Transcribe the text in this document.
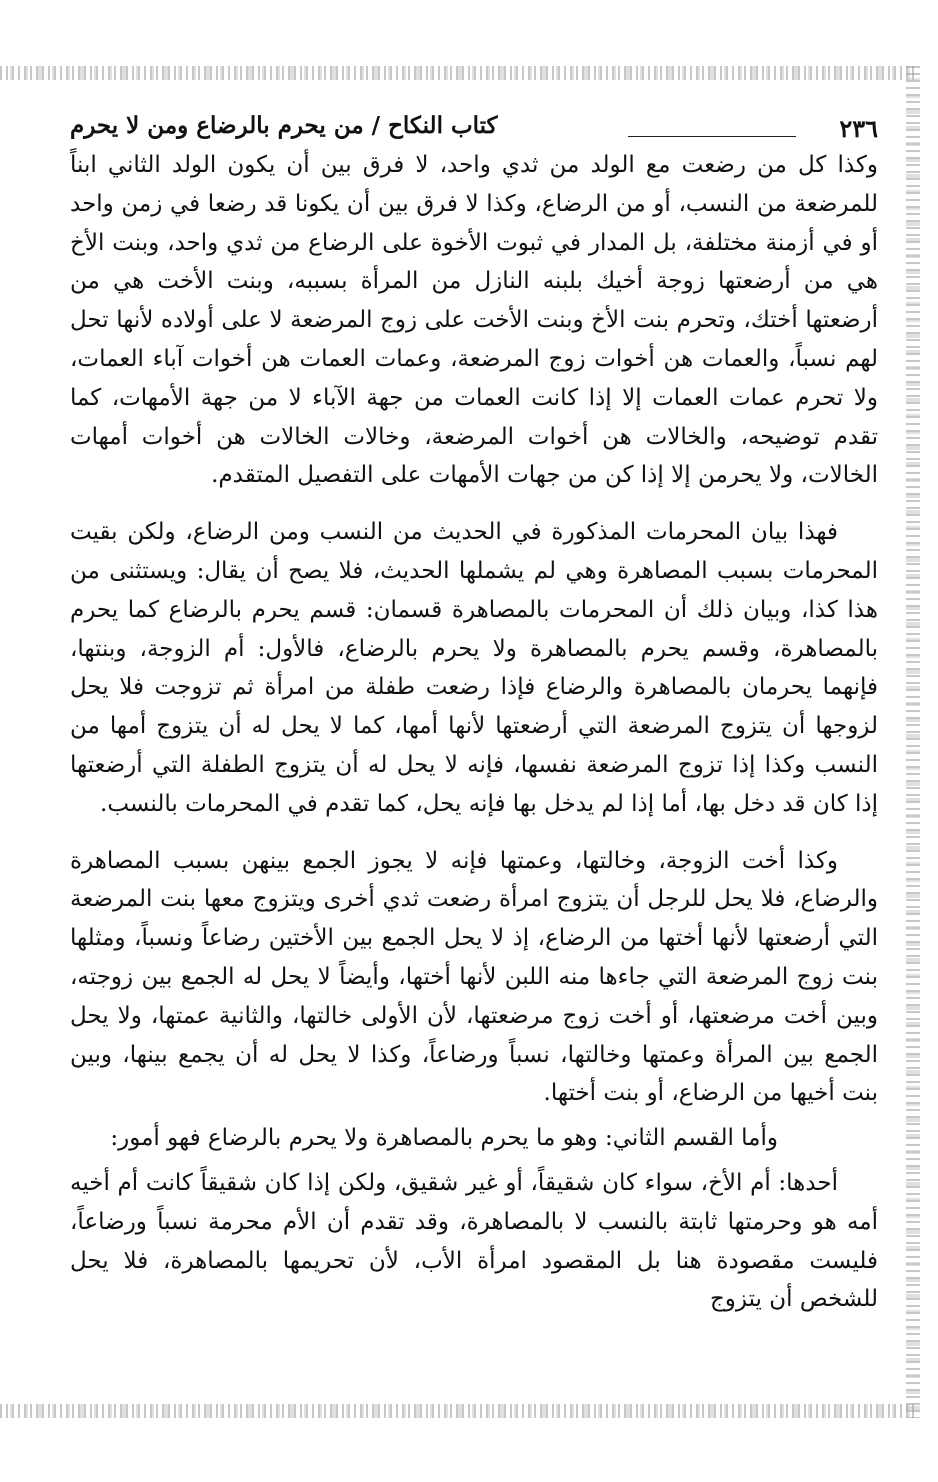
٢٣٦
كتاب النكاح / من يحرم بالرضاع ومن لا يحرم

وكذا كل من رضعت مع الولد من ثدي واحد، لا فرق بين أن يكون الولد الثاني ابناً للمرضعة من النسب، أو من الرضاع، وكذا لا فرق بين أن يكونا قد رضعا في زمن واحد أو في أزمنة مختلفة، بل المدار في ثبوت الأخوة على الرضاع من ثدي واحد، وبنت الأخ هي من أرضعتها زوجة أخيك بلبنه النازل من المرأة بسببه، وبنت الأخت هي من أرضعتها أختك، وتحرم بنت الأخ وبنت الأخت على زوج المرضعة لا على أولاده لأنها تحل لهم نسباً، والعمات هن أخوات زوج المرضعة، وعمات العمات هن أخوات آباء العمات، ولا تحرم عمات العمات إلا إذا كانت العمات من جهة الآباء لا من جهة الأمهات، كما تقدم توضيحه، والخالات هن أخوات المرضعة، وخالات الخالات هن أخوات أمهات الخالات، ولا يحرمن إلا إذا كن من جهات الأمهات على التفصيل المتقدم.

فهذا بيان المحرمات المذكورة في الحديث من النسب ومن الرضاع، ولكن بقيت المحرمات بسبب المصاهرة وهي لم يشملها الحديث، فلا يصح أن يقال: ويستثنى من هذا كذا، وبيان ذلك أن المحرمات بالمصاهرة قسمان: قسم يحرم بالرضاع كما يحرم بالمصاهرة، وقسم يحرم بالمصاهرة ولا يحرم بالرضاع، فالأول: أم الزوجة، وبنتها، فإنهما يحرمان بالمصاهرة والرضاع فإذا رضعت طفلة من امرأة ثم تزوجت فلا يحل لزوجها أن يتزوج المرضعة التي أرضعتها لأنها أمها، كما لا يحل له أن يتزوج أمها من النسب وكذا إذا تزوج المرضعة نفسها، فإنه لا يحل له أن يتزوج الطفلة التي أرضعتها إذا كان قد دخل بها، أما إذا لم يدخل بها فإنه يحل، كما تقدم في المحرمات بالنسب.

وكذا أخت الزوجة، وخالتها، وعمتها فإنه لا يجوز الجمع بينهن بسبب المصاهرة والرضاع، فلا يحل للرجل أن يتزوج امرأة رضعت ثدي أخرى ويتزوج معها بنت المرضعة التي أرضعتها لأنها أختها من الرضاع، إذ لا يحل الجمع بين الأختين رضاعاً ونسباً، ومثلها بنت زوج المرضعة التي جاءها منه اللبن لأنها أختها، وأيضاً لا يحل له الجمع بين زوجته، وبين أخت مرضعتها، أو أخت زوج مرضعتها، لأن الأولى خالتها، والثانية عمتها، ولا يحل الجمع بين المرأة وعمتها وخالتها، نسباً ورضاعاً، وكذا لا يحل له أن يجمع بينها، وبين بنت أخيها من الرضاع، أو بنت أختها.

وأما القسم الثاني: وهو ما يحرم بالمصاهرة ولا يحرم بالرضاع فهو أمور:

أحدها: أم الأخ، سواء كان شقيقاً، أو غير شقيق، ولكن إذا كان شقيقاً كانت أم أخيه أمه هو وحرمتها ثابتة بالنسب لا بالمصاهرة، وقد تقدم أن الأم محرمة نسباً ورضاعاً، فليست مقصودة هنا بل المقصود امرأة الأب، لأن تحريمها بالمصاهرة، فلا يحل للشخص أن يتزوج
